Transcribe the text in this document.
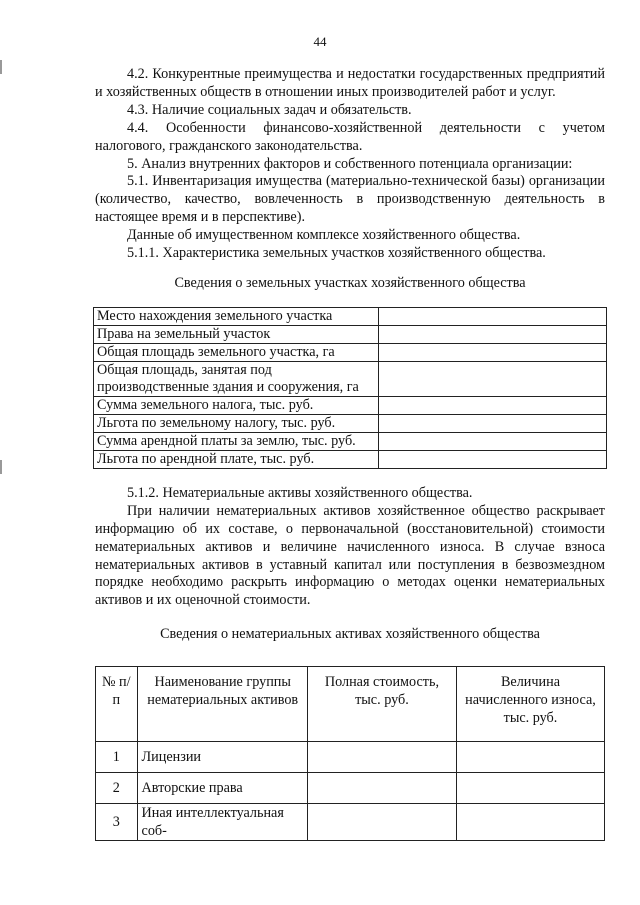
44

4.2. Конкурентные преимущества и недостатки государственных предприятий и хозяйственных обществ в отношении иных производителей работ и услуг.

4.3. Наличие социальных задач и обязательств.

4.4. Особенности финансово-хозяйственной деятельности с учетом налогового, гражданского законодательства.

5. Анализ внутренних факторов и собственного потенциала организации:

5.1. Инвентаризация имущества (материально-технической базы) организации (количество, качество, вовлеченность в производственную деятельность в настоящее время и в перспективе).

Данные об имущественном комплексе хозяйственного общества.

5.1.1. Характеристика земельных участков хозяйственного общества.

Сведения о земельных участках хозяйственного общества

Место нахождения земельного участка	
Права на земельный участок	
Общая площадь земельного участка, га	
Общая площадь, занятая под производственные здания и сооружения, га	
Сумма земельного налога, тыс. руб.	
Льгота по земельному налогу, тыс. руб.	
Сумма арендной платы за землю, тыс. руб.	
Льгота по арендной плате, тыс. руб.	

5.1.2. Нематериальные активы хозяйственного общества.

При наличии нематериальных активов хозяйственное общество раскрывает информацию об их составе, о первоначальной (восстановительной) стоимости нематериальных активов и величине начисленного износа. В случае взноса нематериальных активов в уставный капитал или поступления в безвозмездном порядке необходимо раскрыть информацию о методах оценки нематериальных активов и их оценочной стоимости.

Сведения о нематериальных активах хозяйственного общества

№ п/п	Наименование группы нематериальных активов	Полная стоимость, тыс. руб.	Величина начисленного износа, тыс. руб.
1	Лицензии		
2	Авторские права		
3	Иная интеллектуальная соб-		
